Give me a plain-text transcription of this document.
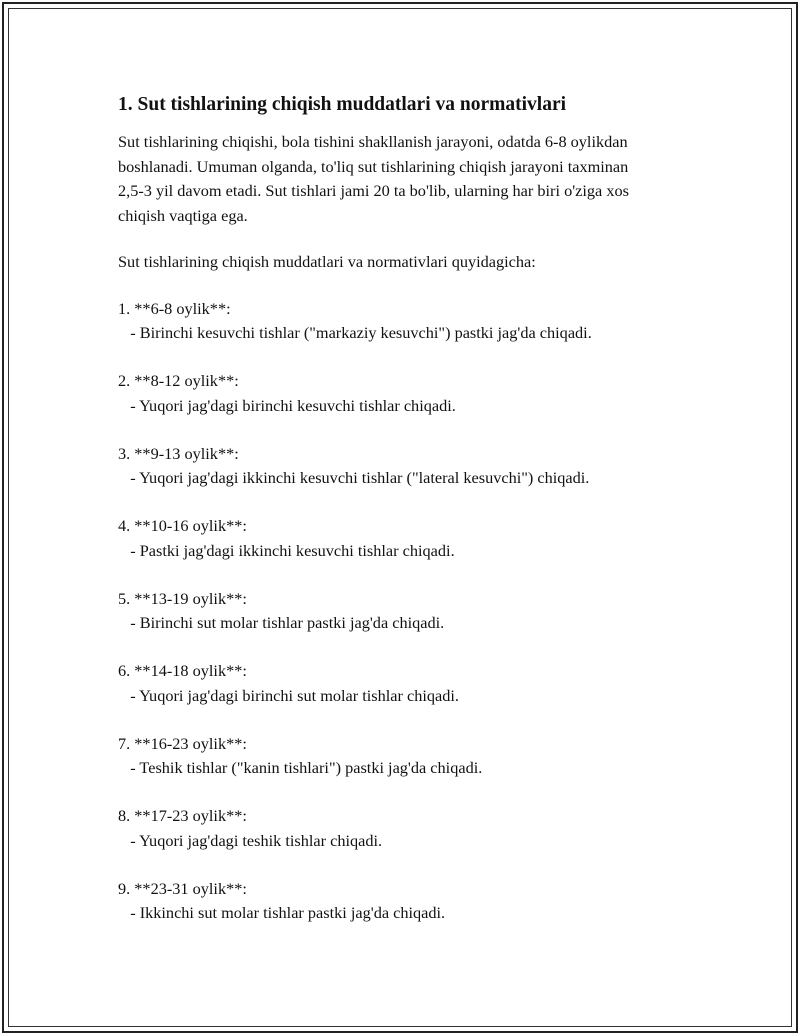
1. Sut tishlarining chiqish muddatlari va normativlari

Sut tishlarining chiqishi, bola tishini shakllanish jarayoni, odatda 6-8 oylikdan boshlanadi. Umuman olganda, to'liq sut tishlarining chiqish jarayoni taxminan 2,5-3 yil davom etadi. Sut tishlari jami 20 ta bo'lib, ularning har biri o'ziga xos chiqish vaqtiga ega.

Sut tishlarining chiqish muddatlari va normativlari quyidagicha:

1. **6-8 oylik**:
- Birinchi kesuvchi tishlar ("markaziy kesuvchi") pastki jag'da chiqadi.
2. **8-12 oylik**:
- Yuqori jag'dagi birinchi kesuvchi tishlar chiqadi.
3. **9-13 oylik**:
- Yuqori jag'dagi ikkinchi kesuvchi tishlar ("lateral kesuvchi") chiqadi.
4. **10-16 oylik**:
- Pastki jag'dagi ikkinchi kesuvchi tishlar chiqadi.
5. **13-19 oylik**:
- Birinchi sut molar tishlar pastki jag'da chiqadi.
6. **14-18 oylik**:
- Yuqori jag'dagi birinchi sut molar tishlar chiqadi.
7. **16-23 oylik**:
- Teshik tishlar ("kanin tishlari") pastki jag'da chiqadi.
8. **17-23 oylik**:
- Yuqori jag'dagi teshik tishlar chiqadi.
9. **23-31 oylik**:
- Ikkinchi sut molar tishlar pastki jag'da chiqadi.
